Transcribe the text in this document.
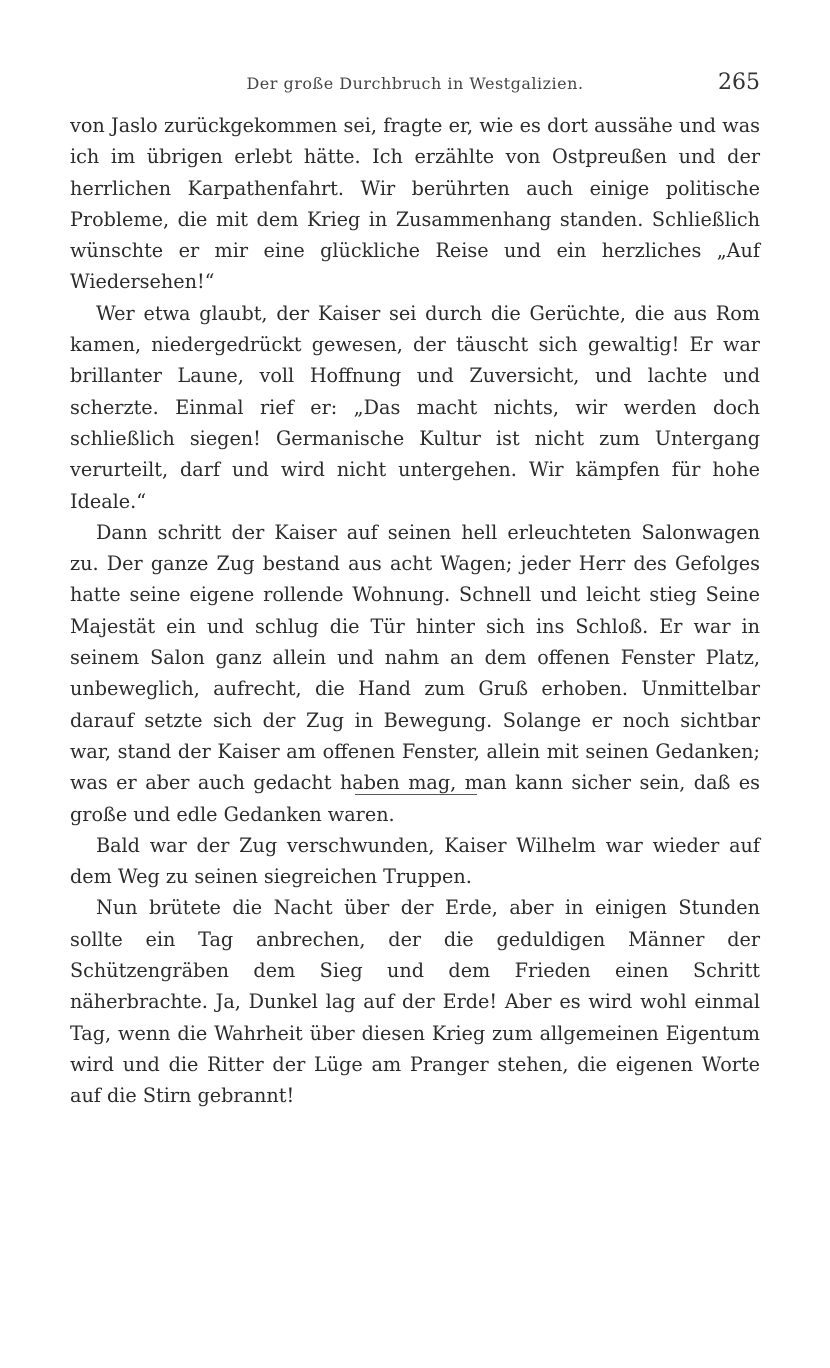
Der große Durchbruch in Westgalizien.	265

von Jaslo zurückgekommen sei, fragte er, wie es dort aussähe und was ich im übrigen erlebt hätte. Ich erzählte von Ostpreußen und der herrlichen Karpathenfahrt. Wir berührten auch einige politische Probleme, die mit dem Krieg in Zusammenhang standen. Schließlich wünschte er mir eine glückliche Reise und ein herzliches „Auf Wiedersehen!“

Wer etwa glaubt, der Kaiser sei durch die Gerüchte, die aus Rom kamen, niedergedrückt gewesen, der täuscht sich gewaltig! Er war brillanter Laune, voll Hoffnung und Zuversicht, und lachte und scherzte. Einmal rief er: „Das macht nichts, wir werden doch schließlich siegen! Germanische Kultur ist nicht zum Untergang verurteilt, darf und wird nicht untergehen. Wir kämpfen für hohe Ideale.“

Dann schritt der Kaiser auf seinen hell erleuchteten Salonwagen zu. Der ganze Zug bestand aus acht Wagen; jeder Herr des Gefolges hatte seine eigene rollende Wohnung. Schnell und leicht stieg Seine Majestät ein und schlug die Tür hinter sich ins Schloß. Er war in seinem Salon ganz allein und nahm an dem offenen Fenster Platz, unbeweglich, aufrecht, die Hand zum Gruß erhoben. Unmittelbar darauf setzte sich der Zug in Bewegung. Solange er noch sichtbar war, stand der Kaiser am offenen Fenster, allein mit seinen Gedanken; was er aber auch gedacht haben mag, man kann sicher sein, daß es große und edle Gedanken waren.

Bald war der Zug verschwunden, Kaiser Wilhelm war wieder auf dem Weg zu seinen siegreichen Truppen.

Nun brütete die Nacht über der Erde, aber in einigen Stunden sollte ein Tag anbrechen, der die geduldigen Männer der Schützengräben dem Sieg und dem Frieden einen Schritt näherbrachte. Ja, Dunkel lag auf der Erde! Aber es wird wohl einmal Tag, wenn die Wahrheit über diesen Krieg zum allgemeinen Eigentum wird und die Ritter der Lüge am Pranger stehen, die eigenen Worte auf die Stirn gebrannt!
